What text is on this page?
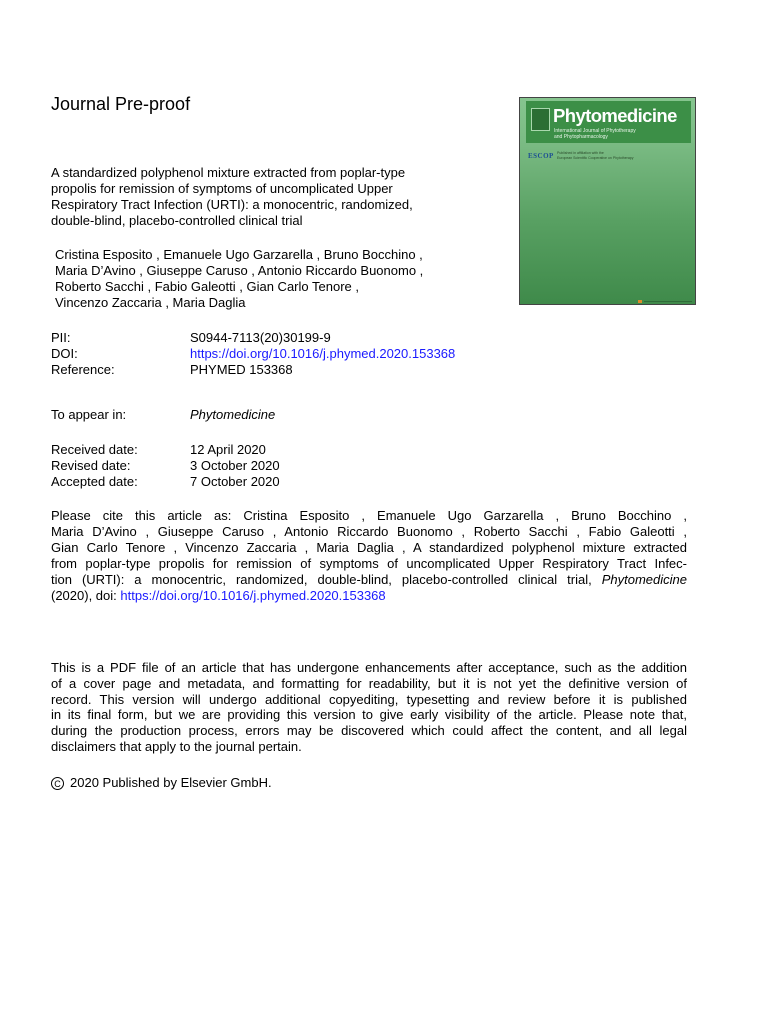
Journal Pre-proof
A standardized polyphenol mixture extracted from poplar-type
propolis for remission of symptoms of uncomplicated Upper
Respiratory Tract Infection (URTI): a monocentric, randomized,
double-blind, placebo-controlled clinical trial
Cristina Esposito , Emanuele Ugo Garzarella , Bruno Bocchino ,
Maria D’Avino , Giuseppe Caruso , Antonio Riccardo Buonomo ,
Roberto Sacchi , Fabio Galeotti , Gian Carlo Tenore ,
Vincenzo Zaccaria , Maria Daglia
PII:	S0944-7113(20)30199-9
DOI:	https://doi.org/10.1016/j.phymed.2020.153368
Reference:	PHYMED 153368
To appear in:	Phytomedicine
Received date:	12 April 2020
Revised date:	3 October 2020
Accepted date:	7 October 2020
Please cite this article as: Cristina Esposito , Emanuele Ugo Garzarella , Bruno Bocchino ,
Maria D’Avino , Giuseppe Caruso , Antonio Riccardo Buonomo , Roberto Sacchi , Fabio Galeotti ,
Gian Carlo Tenore , Vincenzo Zaccaria , Maria Daglia , A standardized polyphenol mixture extracted
from poplar-type propolis for remission of symptoms of uncomplicated Upper Respiratory Tract Infec-
tion (URTI): a monocentric, randomized, double-blind, placebo-controlled clinical trial, Phytomedicine
(2020), doi: https://doi.org/10.1016/j.phymed.2020.153368
This is a PDF file of an article that has undergone enhancements after acceptance, such as the addition
of a cover page and metadata, and formatting for readability, but it is not yet the definitive version of
record. This version will undergo additional copyediting, typesetting and review before it is published
in its final form, but we are providing this version to give early visibility of the article. Please note that,
during the production process, errors may be discovered which could affect the content, and all legal
disclaimers that apply to the journal pertain.
C 2020 Published by Elsevier GmbH.
Phytomedicine
International Journal of Phytotherapy
and Phytopharmacology
ESCOP Published in affiliation with the
European Scientific Cooperative on Phytotherapy
